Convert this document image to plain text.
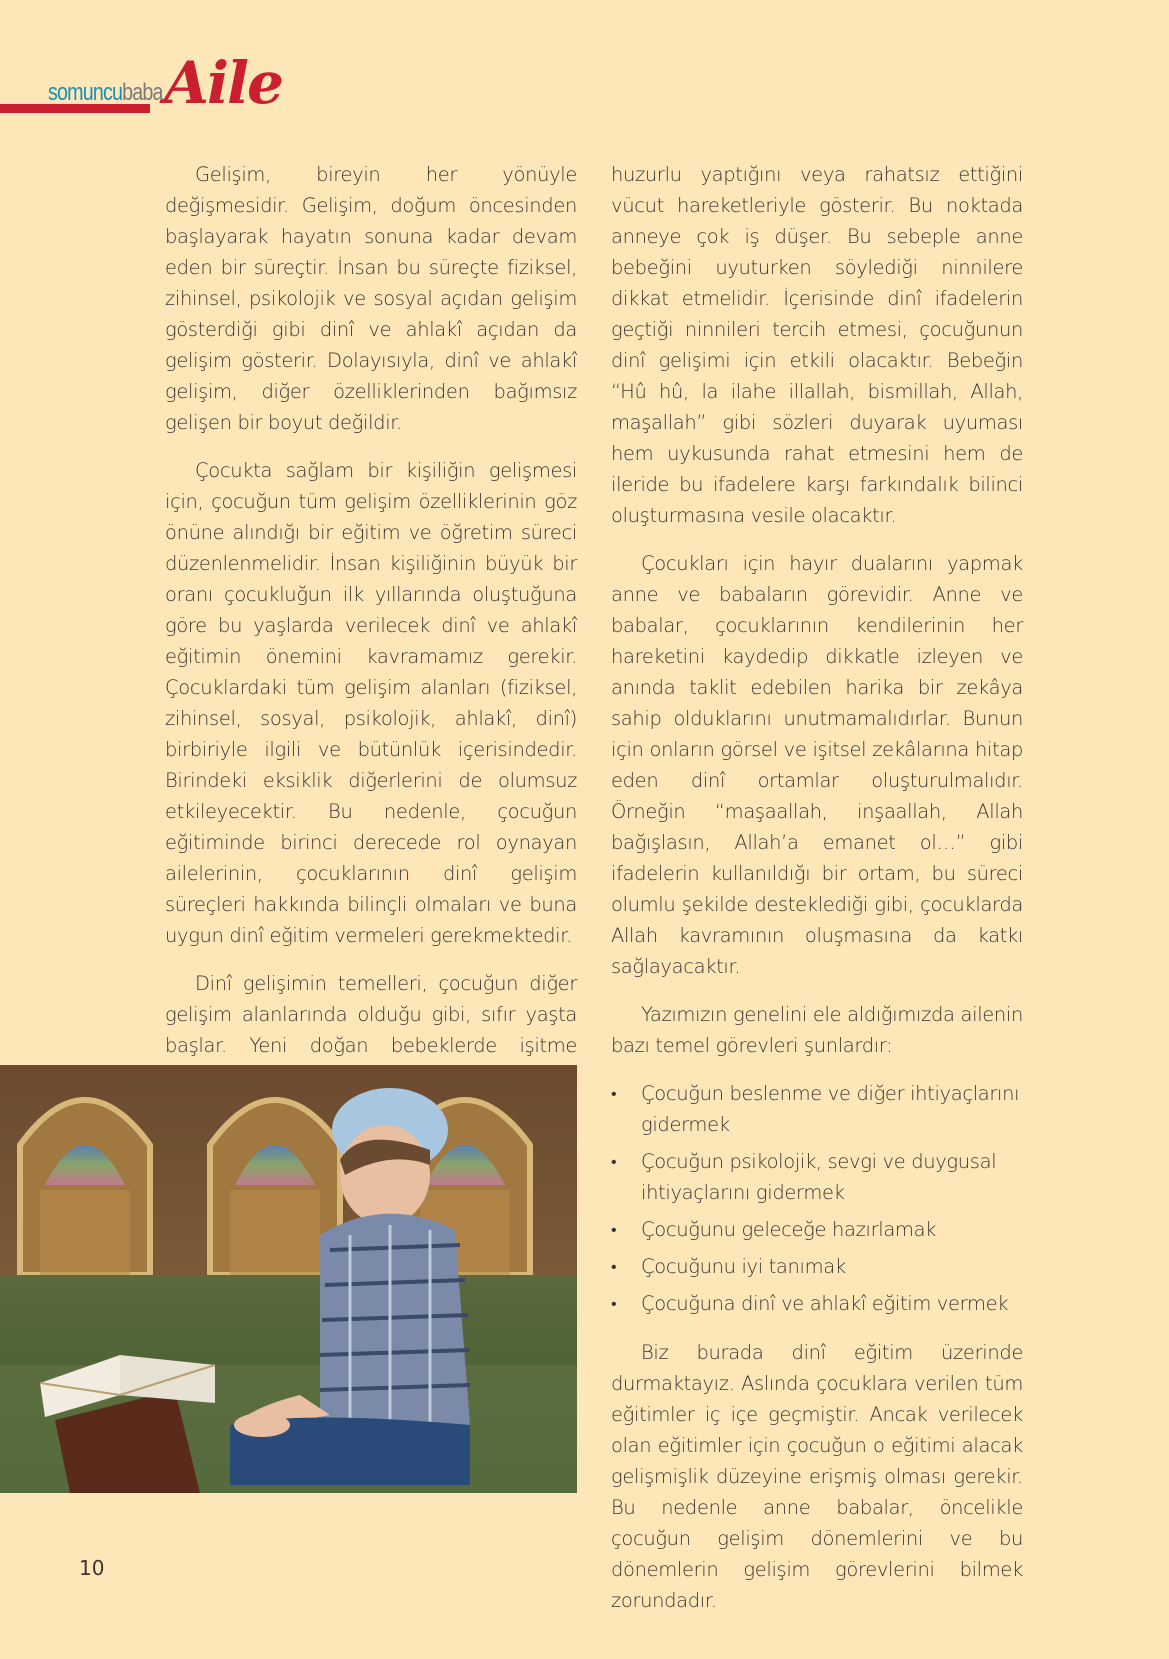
somuncubaba Aile

Gelişim, bireyin her yönüyle değişmesidir. Gelişim, doğum öncesinden başlayarak hayatın sonuna kadar devam eden bir süreçtir. İnsan bu süreçte fiziksel, zihinsel, psikolojik ve sosyal açıdan gelişim gösterdiği gibi dinî ve ahlakî açıdan da gelişim gösterir. Dolayısıyla, dinî ve ahlakî gelişim, diğer özelliklerinden bağımsız gelişen bir boyut değildir.

Çocukta sağlam bir kişiliğin gelişmesi için, çocuğun tüm gelişim özelliklerinin göz önüne alındığı bir eğitim ve öğretim süreci düzenlenmelidir. İnsan kişiliğinin büyük bir oranı çocukluğun ilk yıllarında oluştuğuna göre bu yaşlarda verilecek dinî ve ahlakî eğitimin önemini kavramamız gerekir. Çocuklardaki tüm gelişim alanları (fiziksel, zihinsel, sosyal, psikolojik, ahlakî, dinî) birbiriyle ilgili ve bütünlük içerisindedir. Birindeki eksiklik diğerlerini de olumsuz etkileyecektir. Bu nedenle, çocuğun eğitiminde birinci derecede rol oynayan ailelerinin, çocuklarının dinî gelişim süreçleri hakkında bilinçli olmaları ve buna uygun dinî eğitim vermeleri gerekmektedir.

Dinî gelişimin temelleri, çocuğun diğer gelişim alanlarında olduğu gibi, sıfır yaşta başlar. Yeni doğan bebeklerde işitme

huzurlu yaptığını veya rahatsız ettiğini vücut hareketleriyle gösterir. Bu noktada anneye çok iş düşer. Bu sebeple anne bebeğini uyuturken söylediği ninnilere dikkat etmelidir. İçerisinde dinî ifadelerin geçtiği ninnileri tercih etmesi, çocuğunun dinî gelişimi için etkili olacaktır. Bebeğin “Hû hû, la ilahe illallah, bismillah, Allah, maşallah” gibi sözleri duyarak uyuması hem uykusunda rahat etmesini hem de ileride bu ifadelere karşı farkındalık bilinci oluşturmasına vesile olacaktır.

Çocukları için hayır dualarını yapmak anne ve babaların görevidir. Anne ve babalar, çocuklarının kendilerinin her hareketini kaydedip dikkatle izleyen ve anında taklit edebilen harika bir zekâya sahip olduklarını unutmamalıdırlar. Bunun için onların görsel ve işitsel zekâlarına hitap eden dinî ortamlar oluşturulmalıdır. Örneğin “maşaallah, inşaallah, Allah bağışlasın, Allah’a emanet ol…” gibi ifadelerin kullanıldığı bir ortam, bu süreci olumlu şekilde desteklediği gibi, çocuklarda Allah kavramının oluşmasına da katkı sağlayacaktır.

Yazımızın genelini ele aldığımızda ailenin bazı temel görevleri şunlardır:

• Çocuğun beslenme ve diğer ihtiyaçlarını gidermek
• Çocuğun psikolojik, sevgi ve duygusal ihtiyaçlarını gidermek
• Çocuğunu geleceğe hazırlamak
• Çocuğunu iyi tanımak
• Çocuğuna dinî ve ahlakî eğitim vermek

Biz burada dinî eğitim üzerinde durmaktayız. Aslında çocuklara verilen tüm eğitimler iç içe geçmiştir. Ancak verilecek olan eğitimler için çocuğun o eğitimi alacak gelişmişlik düzeyine erişmiş olması gerekir. Bu nedenle anne babalar, öncelikle çocuğun gelişim dönemlerini ve bu dönemlerin gelişim görevlerini bilmek zorundadır.

10
